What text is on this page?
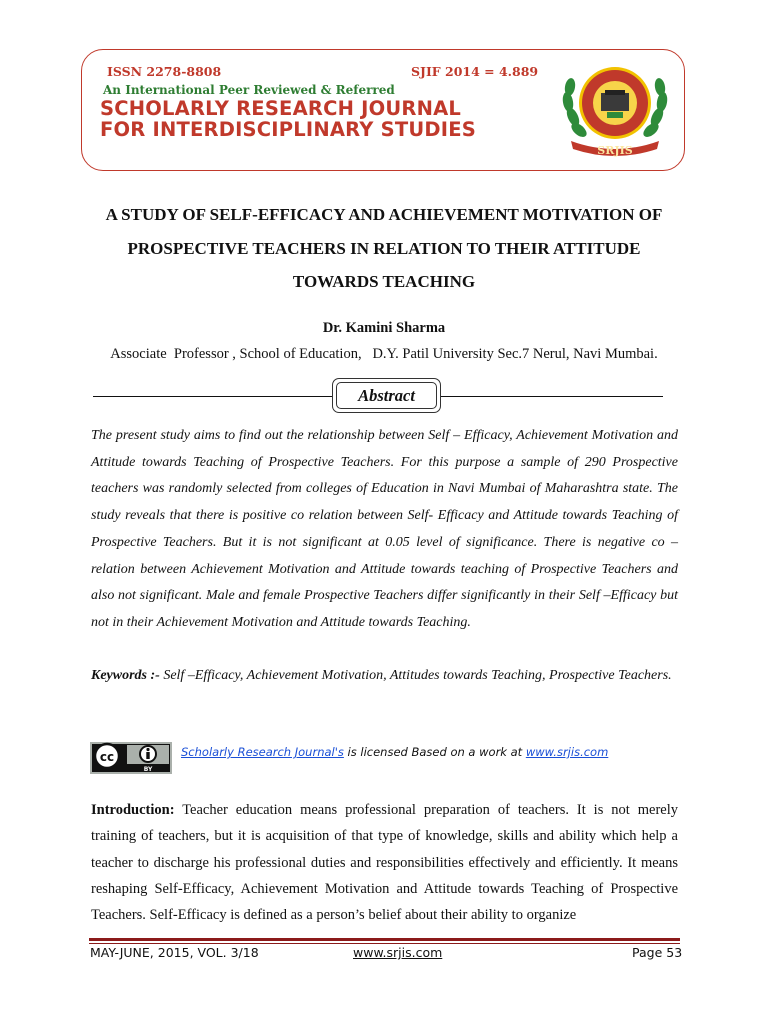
ISSN 2278-8808	SJIF 2014 = 4.889
An International Peer Reviewed & Referred
SCHOLARLY RESEARCH JOURNAL
FOR INTERDISCIPLINARY STUDIES
SRJIS
A STUDY OF SELF-EFFICACY AND ACHIEVEMENT MOTIVATION OF
PROSPECTIVE TEACHERS IN RELATION TO THEIR ATTITUDE
TOWARDS TEACHING
Dr. Kamini Sharma
Associate  Professor , School of Education,   D.Y. Patil University Sec.7 Nerul, Navi Mumbai.
Abstract

The present study aims to find out the relationship between Self – Efficacy, Achievement Motivation and Attitude towards Teaching of Prospective Teachers. For this purpose a sample of 290 Prospective teachers was randomly selected from colleges of Education in Navi Mumbai of Maharashtra state. The study reveals that there is positive co relation between Self- Efficacy and Attitude towards Teaching of Prospective Teachers. But it is not significant at 0.05 level of significance. There is negative co – relation between Achievement Motivation and Attitude towards teaching of Prospective Teachers and also not significant. Male and female Prospective Teachers differ significantly in their Self –Efficacy but not in their Achievement Motivation and Attitude towards Teaching.

Keywords :- Self –Efficacy, Achievement Motivation, Attitudes towards Teaching, Prospective Teachers.

cc
BY
Scholarly Research Journal's is licensed Based on a work at www.srjis.com

Introduction: Teacher education means professional preparation of teachers. It is not merely training of teachers, but it is acquisition of that type of knowledge, skills and ability which help a teacher to discharge his professional duties and responsibilities effectively and efficiently. It means reshaping Self-Efficacy, Achievement Motivation and Attitude towards Teaching of Prospective Teachers. Self-Efficacy is defined as a person’s belief about their ability to organize

MAY-JUNE, 2015, VOL. 3/18	www.srjis.com	Page 53
